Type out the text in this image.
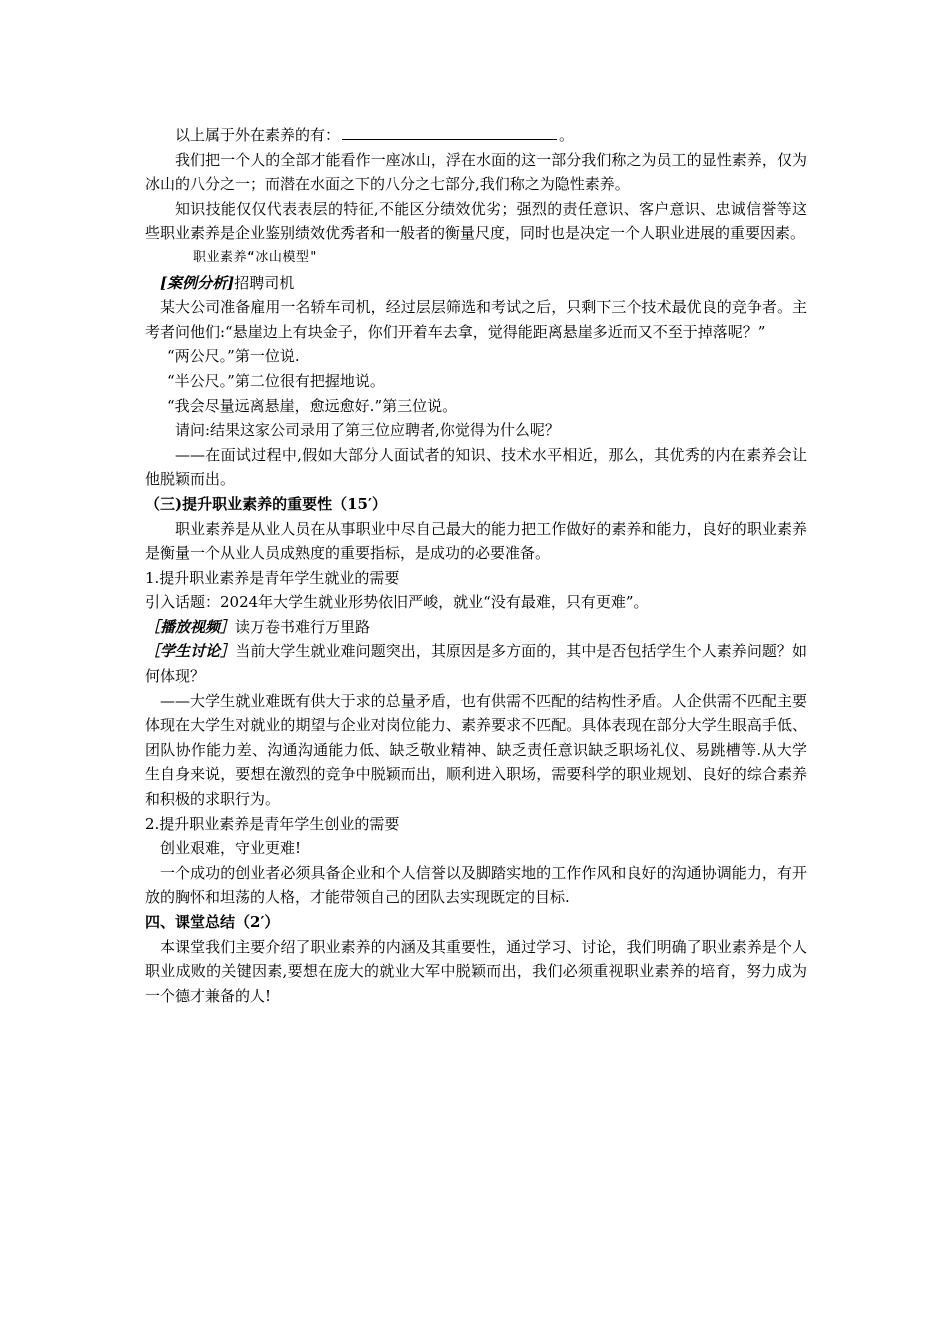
以上属于外在素养的有：	。

我们把一个人的全部才能看作一座冰山，浮在水面的这一部分我们称之为员工的显性素养，仅为冰山的八分之一；而潜在水面之下的八分之七部分,我们称之为隐性素养。

知识技能仅仅代表表层的特征,不能区分绩效优劣；强烈的责任意识、客户意识、忠诚信誉等这些职业素养是企业鉴别绩效优秀者和一般者的衡量尺度，同时也是决定一个人职业进展的重要因素。

职业素养“冰山模型"

[案例分析]招聘司机

某大公司准备雇用一名轿车司机，经过层层筛选和考试之后，只剩下三个技术最优良的竞争者。主考者问他们:“悬崖边上有块金子，你们开着车去拿，觉得能距离悬崖多近而又不至于掉落呢？”

“两公尺。”第一位说.

“半公尺。”第二位很有把握地说。

“我会尽量远离悬崖，愈远愈好.”第三位说。

请问:结果这家公司录用了第三位应聘者,你觉得为什么呢？

——在面试过程中,假如大部分人面试者的知识、技术水平相近，那么，其优秀的内在素养会让他脱颖而出。

（三)提升职业素养的重要性（15′）

职业素养是从业人员在从事职业中尽自己最大的能力把工作做好的素养和能力，良好的职业素养是衡量一个从业人员成熟度的重要指标，是成功的必要准备。

1.提升职业素养是青年学生就业的需要

引入话题：2024年大学生就业形势依旧严峻，就业“没有最难，只有更难”。

［播放视频］读万卷书难行万里路

［学生讨论］当前大学生就业难问题突出，其原因是多方面的，其中是否包括学生个人素养问题？如何体现？

——大学生就业难既有供大于求的总量矛盾，也有供需不匹配的结构性矛盾。人企供需不匹配主要体现在大学生对就业的期望与企业对岗位能力、素养要求不匹配。具体表现在部分大学生眼高手低、团队协作能力差、沟通沟通能力低、缺乏敬业精神、缺乏责任意识缺乏职场礼仪、易跳槽等.从大学生自身来说，要想在激烈的竞争中脱颖而出，顺利进入职场，需要科学的职业规划、良好的综合素养和积极的求职行为。

2.提升职业素养是青年学生创业的需要

创业艰难，守业更难!

一个成功的创业者必须具备企业和个人信誉以及脚踏实地的工作作风和良好的沟通协调能力，有开放的胸怀和坦荡的人格，才能带领自己的团队去实现既定的目标.

四、课堂总结（2′）

本课堂我们主要介绍了职业素养的内涵及其重要性，通过学习、讨论，我们明确了职业素养是个人职业成败的关键因素,要想在庞大的就业大军中脱颖而出，我们必须重视职业素养的培育，努力成为一个德才兼备的人!
